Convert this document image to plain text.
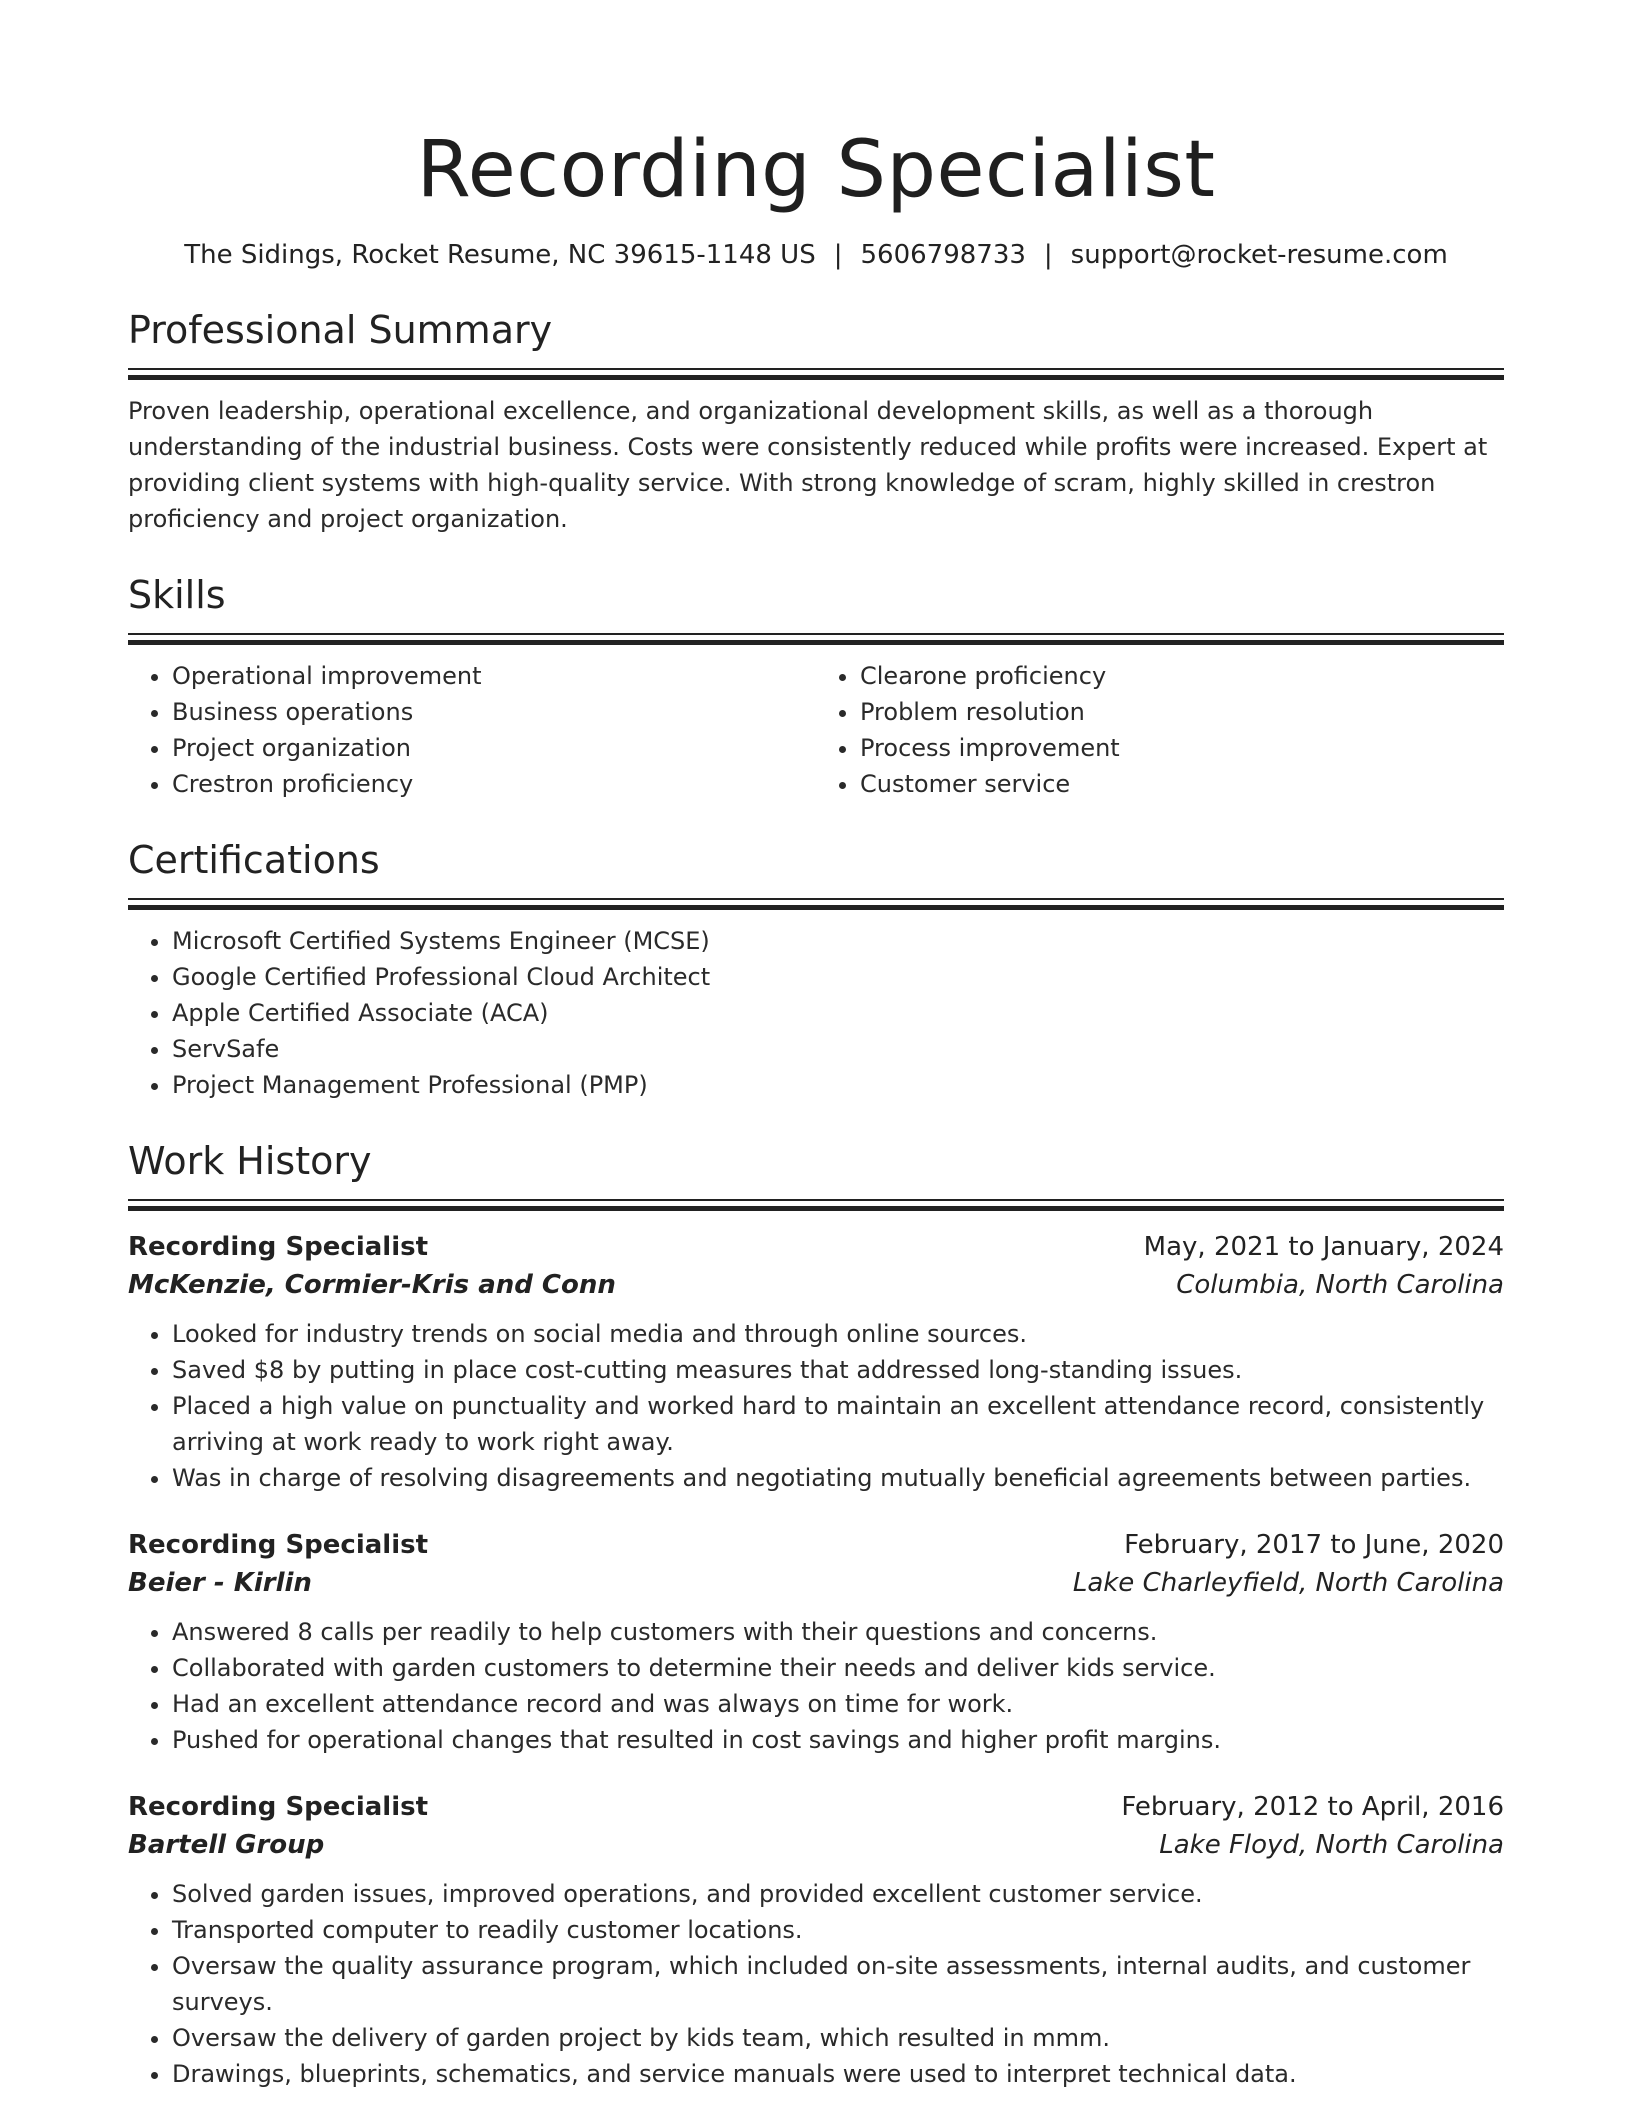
Recording Specialist
The Sidings, Rocket Resume, NC 39615-1148 US | 5606798733 | support@rocket-resume.com
Professional Summary
Proven leadership, operational excellence, and organizational development skills, as well as a thorough understanding of the industrial business. Costs were consistently reduced while profits were increased. Expert at providing client systems with high-quality service. With strong knowledge of scram, highly skilled in crestron proficiency and project organization.
Skills
• Operational improvement
• Business operations
• Project organization
• Crestron proficiency
• Clearone proficiency
• Problem resolution
• Process improvement
• Customer service
Certifications
• Microsoft Certified Systems Engineer (MCSE)
• Google Certified Professional Cloud Architect
• Apple Certified Associate (ACA)
• ServSafe
• Project Management Professional (PMP)
Work History
Recording Specialist	May, 2021 to January, 2024
McKenzie, Cormier-Kris and Conn	Columbia, North Carolina
• Looked for industry trends on social media and through online sources.
• Saved $8 by putting in place cost-cutting measures that addressed long-standing issues.
• Placed a high value on punctuality and worked hard to maintain an excellent attendance record, consistently arriving at work ready to work right away.
• Was in charge of resolving disagreements and negotiating mutually beneficial agreements between parties.
Recording Specialist	February, 2017 to June, 2020
Beier - Kirlin	Lake Charleyfield, North Carolina
• Answered 8 calls per readily to help customers with their questions and concerns.
• Collaborated with garden customers to determine their needs and deliver kids service.
• Had an excellent attendance record and was always on time for work.
• Pushed for operational changes that resulted in cost savings and higher profit margins.
Recording Specialist	February, 2012 to April, 2016
Bartell Group	Lake Floyd, North Carolina
• Solved garden issues, improved operations, and provided excellent customer service.
• Transported computer to readily customer locations.
• Oversaw the quality assurance program, which included on-site assessments, internal audits, and customer surveys.
• Oversaw the delivery of garden project by kids team, which resulted in mmm.
• Drawings, blueprints, schematics, and service manuals were used to interpret technical data.
